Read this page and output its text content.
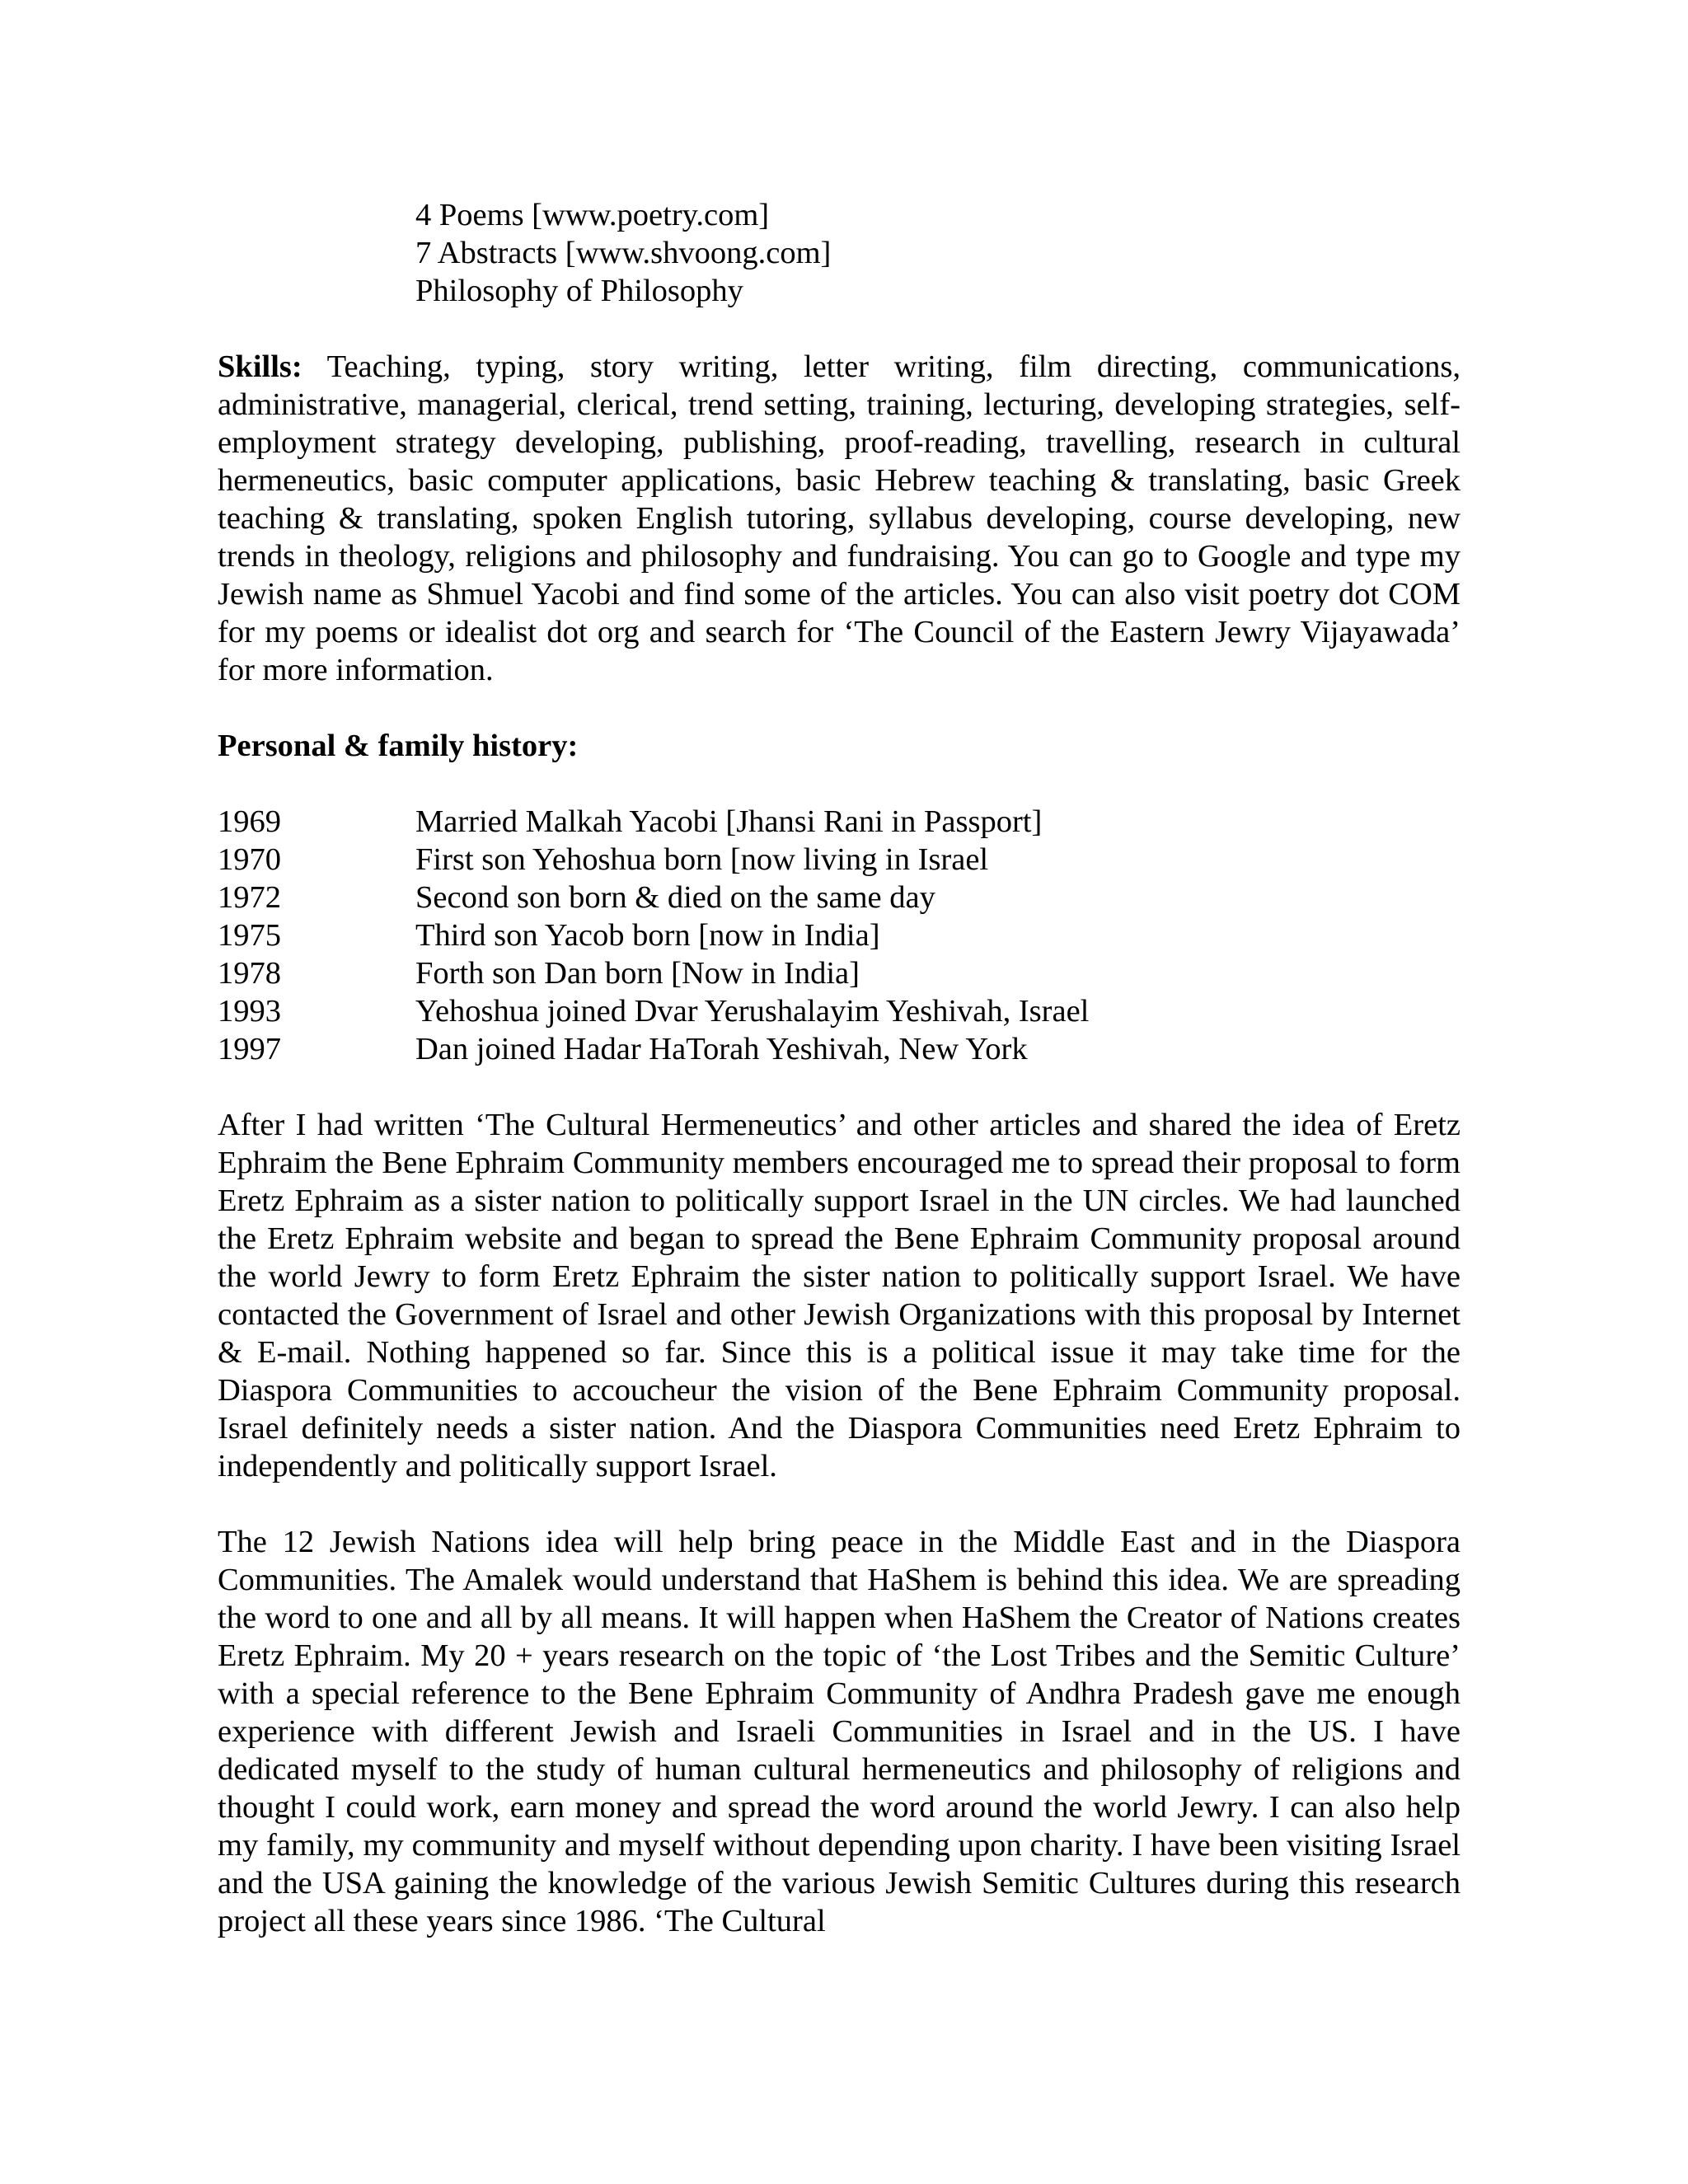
4 Poems [www.poetry.com]
7 Abstracts [www.shvoong.com]
Philosophy of Philosophy
Skills: Teaching, typing, story writing, letter writing, film directing, communications, administrative, managerial, clerical, trend setting, training, lecturing, developing strategies, self-employment strategy developing, publishing, proof-reading, travelling, research in cultural hermeneutics, basic computer applications, basic Hebrew teaching & translating, basic Greek teaching & translating, spoken English tutoring, syllabus developing, course developing, new trends in theology, religions and philosophy and fundraising. You can go to Google and type my Jewish name as Shmuel Yacobi and find some of the articles. You can also visit poetry dot COM for my poems or idealist dot org and search for ‘The Council of the Eastern Jewry Vijayawada’ for more information.
Personal & family history:
1969	Married Malkah Yacobi [Jhansi Rani in Passport]
1970	First son Yehoshua born [now living in Israel
1972	Second son born & died on the same day
1975	Third son Yacob born [now in India]
1978	Forth son Dan born [Now in India]
1993	Yehoshua joined Dvar Yerushalayim Yeshivah, Israel
1997	Dan joined Hadar HaTorah Yeshivah, New York
After I had written ‘The Cultural Hermeneutics’ and other articles and shared the idea of Eretz Ephraim the Bene Ephraim Community members encouraged me to spread their proposal to form Eretz Ephraim as a sister nation to politically support Israel in the UN circles. We had launched the Eretz Ephraim website and began to spread the Bene Ephraim Community proposal around the world Jewry to form Eretz Ephraim the sister nation to politically support Israel. We have contacted the Government of Israel and other Jewish Organizations with this proposal by Internet & E-mail. Nothing happened so far. Since this is a political issue it may take time for the Diaspora Communities to accoucheur the vision of the Bene Ephraim Community proposal. Israel definitely needs a sister nation. And the Diaspora Communities need Eretz Ephraim to independently and politically support Israel.
The 12 Jewish Nations idea will help bring peace in the Middle East and in the Diaspora Communities. The Amalek would understand that HaShem is behind this idea. We are spreading the word to one and all by all means. It will happen when HaShem the Creator of Nations creates Eretz Ephraim. My 20 + years research on the topic of ‘the Lost Tribes and the Semitic Culture’ with a special reference to the Bene Ephraim Community of Andhra Pradesh gave me enough experience with different Jewish and Israeli Communities in Israel and in the US. I have dedicated myself to the study of human cultural hermeneutics and philosophy of religions and thought I could work, earn money and spread the word around the world Jewry. I can also help my family, my community and myself without depending upon charity. I have been visiting Israel and the USA gaining the knowledge of the various Jewish Semitic Cultures during this research project all these years since 1986. ‘The Cultural
